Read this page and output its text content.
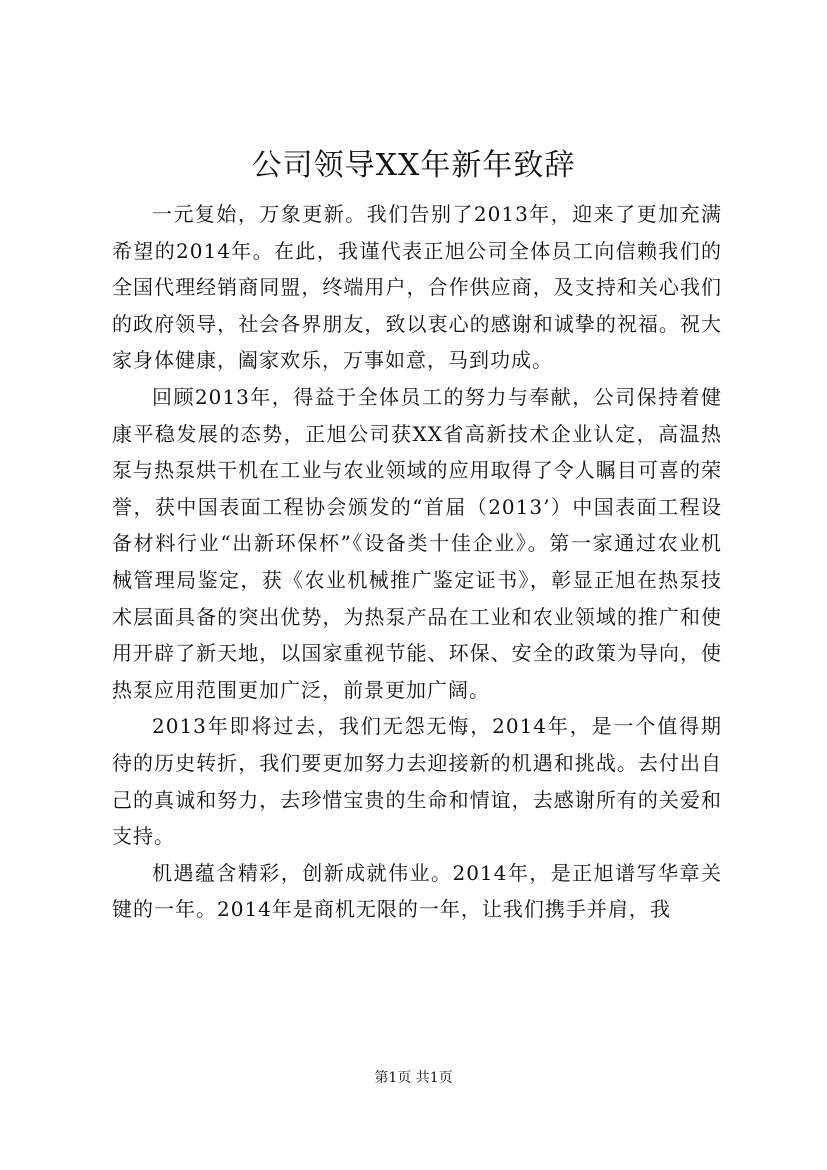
公司领导XX年新年致辞

一元复始，万象更新。我们告别了2013年，迎来了更加充满希望的2014年。在此，我谨代表正旭公司全体员工向信赖我们的全国代理经销商同盟，终端用户，合作供应商，及支持和关心我们的政府领导，社会各界朋友，致以衷心的感谢和诚挚的祝福。祝大家身体健康，阖家欢乐，万事如意，马到功成。

回顾2013年，得益于全体员工的努力与奉献，公司保持着健康平稳发展的态势，正旭公司获XX省高新技术企业认定，高温热泵与热泵烘干机在工业与农业领域的应用取得了令人瞩目可喜的荣誉，获中国表面工程协会颁发的“首届（2013’）中国表面工程设备材料行业“出新环保杯”《设备类十佳企业》。第一家通过农业机械管理局鉴定，获《农业机械推广鉴定证书》，彰显正旭在热泵技术层面具备的突出优势，为热泵产品在工业和农业领域的推广和使用开辟了新天地，以国家重视节能、环保、安全的政策为导向，使热泵应用范围更加广泛，前景更加广阔。

2013年即将过去，我们无怨无悔，2014年，是一个值得期待的历史转折，我们要更加努力去迎接新的机遇和挑战。去付出自己的真诚和努力，去珍惜宝贵的生命和情谊，去感谢所有的关爱和支持。

机遇蕴含精彩，创新成就伟业。2014年，是正旭谱写华章关键的一年。2014年是商机无限的一年，让我们携手并肩，我

第1页 共1页
